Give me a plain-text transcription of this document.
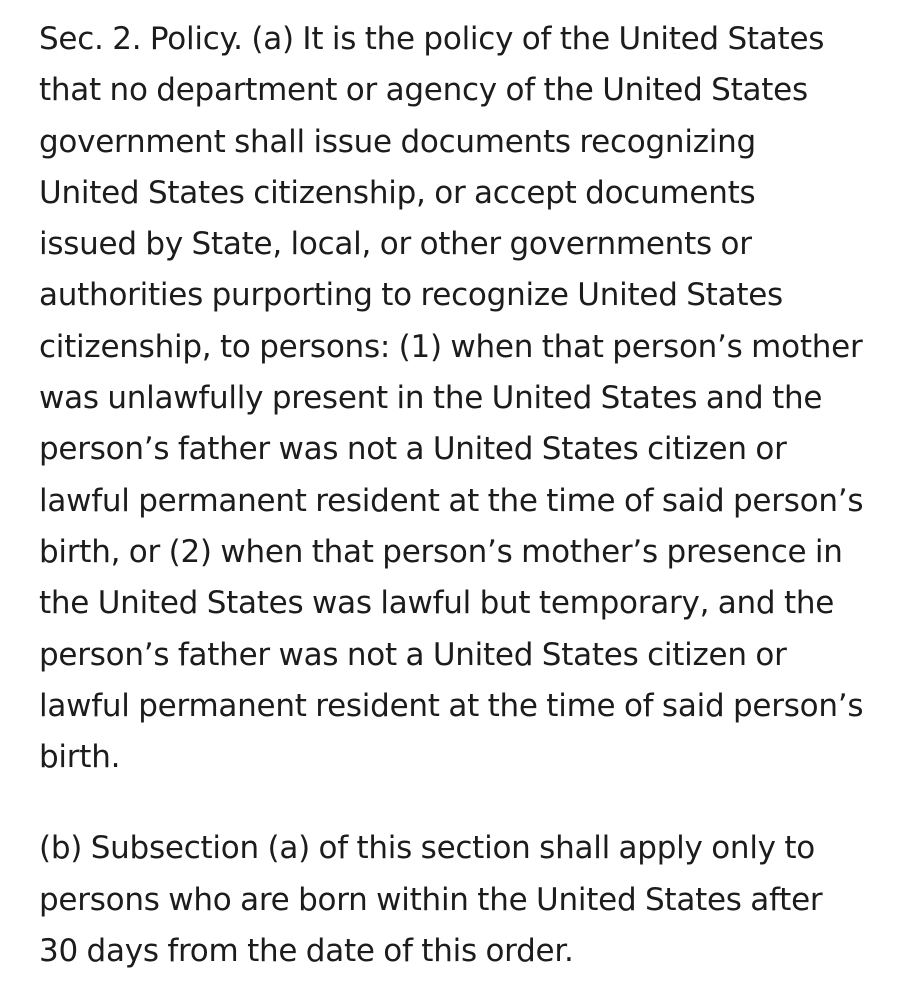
Sec. 2. Policy. (a) It is the policy of the United States
that no department or agency of the United States
government shall issue documents recognizing
United States citizenship, or accept documents
issued by State, local, or other governments or
authorities purporting to recognize United States
citizenship, to persons: (1) when that person’s mother
was unlawfully present in the United States and the
person’s father was not a United States citizen or
lawful permanent resident at the time of said person’s
birth, or (2) when that person’s mother’s presence in
the United States was lawful but temporary, and the
person’s father was not a United States citizen or
lawful permanent resident at the time of said person’s
birth.

(b) Subsection (a) of this section shall apply only to
persons who are born within the United States after
30 days from the date of this order.
